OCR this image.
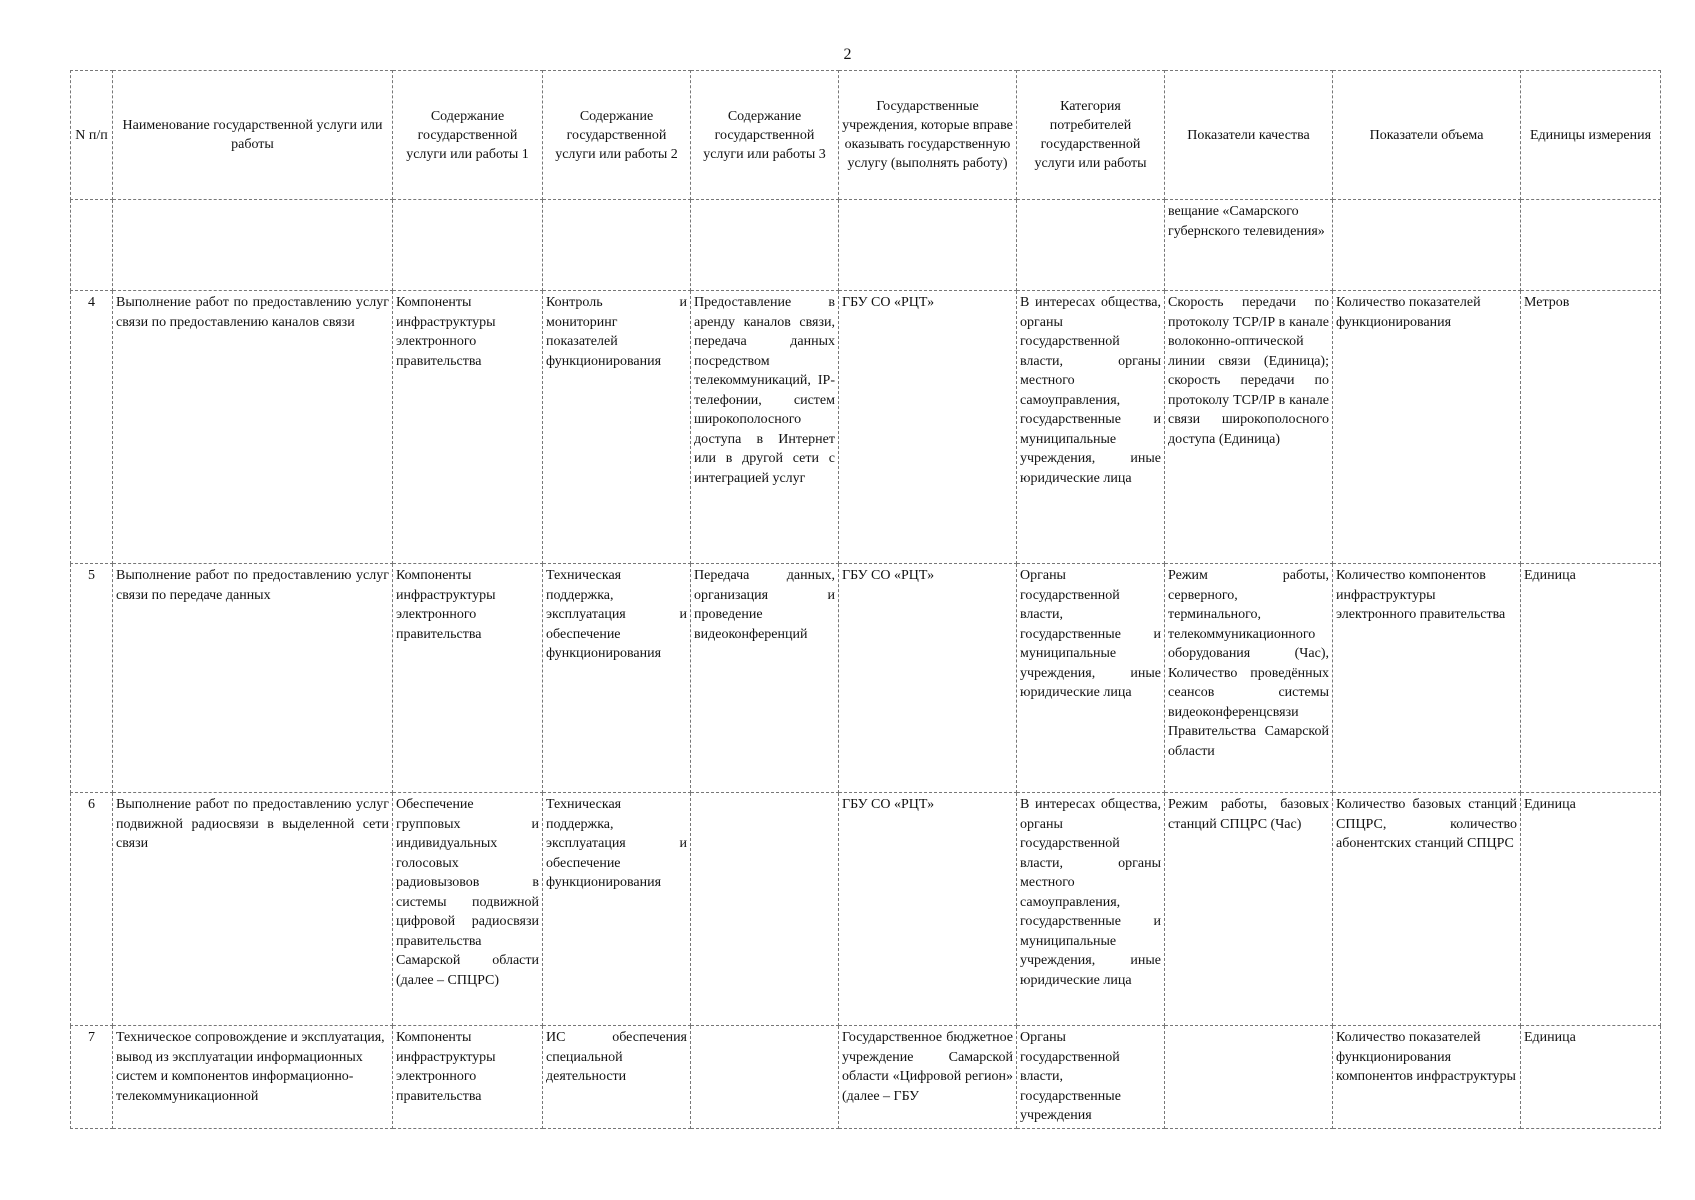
2
N п/п	Наименование государственной услуги или работы	Содержание государственной услуги или работы 1	Содержание государственной услуги или работы 2	Содержание государственной услуги или работы 3	Государственные учреждения, которые вправе оказывать государственную услугу (выполнять работу)	Категория потребителей государственной услуги или работы	Показатели качества	Показатели объема	Единицы измерения
							вещание «Самарского губернского телевидения»		
4	Выполнение работ по предоставлению услуг связи по предоставлению каналов связи	Компоненты инфраструктуры электронного правительства	Контроль и мониторинг показателей функционирования	Предоставление в аренду каналов связи, передача данных посредством телекоммуникаций, IP-телефонии, систем широкополосного доступа в Интернет или в другой сети с интеграцией услуг	ГБУ СО «РЦТ»	В интересах общества, органы государственной власти, органы местного самоуправления, государственные и муниципальные учреждения, иные юридические лица	Скорость передачи по протоколу TCP/IP в канале волоконно-оптической линии связи (Единица); скорость передачи по протоколу TCP/IP в канале связи широкополосного доступа (Единица)	Количество показателей функционирования	Метров
5	Выполнение работ по предоставлению услуг связи по передаче данных	Компоненты инфраструктуры электронного правительства	Техническая поддержка, эксплуатация и обеспечение функционирования	Передача данных, организация и проведение видеоконференций	ГБУ СО «РЦТ»	Органы государственной власти, государственные и муниципальные учреждения, иные юридические лица	Режим работы, серверного, терминального, телекоммуникационного оборудования (Час), Количество проведённых сеансов системы видеоконференцсвязи Правительства Самарской области	Количество компонентов инфраструктуры электронного правительства	Единица
6	Выполнение работ по предоставлению услуг подвижной радиосвязи в выделенной сети связи	Обеспечение групповых и индивидуальных голосовых радиовызовов в системы подвижной цифровой радиосвязи правительства Самарской области (далее – СПЦРС)	Техническая поддержка, эксплуатация и обеспечение функционирования		ГБУ СО «РЦТ»	В интересах общества, органы государственной власти, органы местного самоуправления, государственные и муниципальные учреждения, иные юридические лица	Режим работы, базовых станций СПЦРС (Час)	Количество базовых станций СПЦРС, количество абонентских станций СПЦРС	Единица
7	Техническое сопровождение и эксплуатация, вывод из эксплуатации информационных систем и компонентов информационно-телекоммуникационной	Компоненты инфраструктуры электронного правительства	ИС обеспечения специальной деятельности		Государственное бюджетное учреждение Самарской области «Цифровой регион» (далее – ГБУ	Органы государственной власти, государственные учреждения		Количество показателей функционирования компонентов инфраструктуры	Единица
